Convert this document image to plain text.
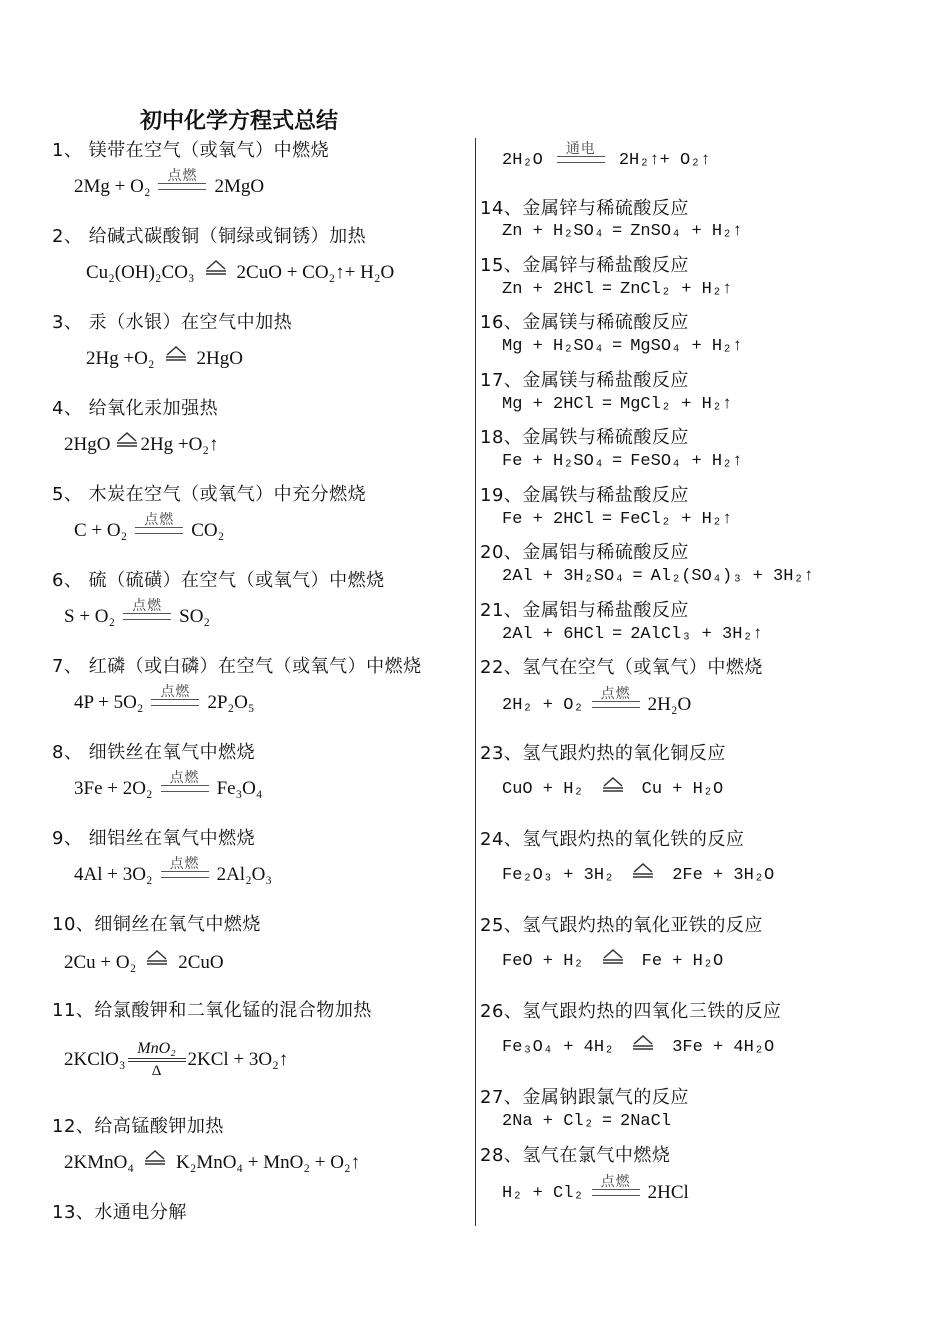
初中化学方程式总结
1、 镁带在空气（或氧气）中燃烧
2Mg + O₂
点燃
2MgO
2、 给碱式碳酸铜（铜绿或铜锈）加热
Cu₂(OH)₂CO₃ 2CuO + CO₂↑+ H₂O
3、 汞（水银）在空气中加热
2Hg +O₂ 2HgO
4、 给氧化汞加强热
2HgO 2Hg +O₂↑
5、 木炭在空气（或氧气）中充分燃烧
C + O₂
点燃
CO₂
6、 硫（硫磺）在空气（或氧气）中燃烧
S + O₂
点燃
SO₂
7、 红磷（或白磷）在空气（或氧气）中燃烧
4P + 5O₂
点燃
2P₂O₅
8、 细铁丝在氧气中燃烧
3Fe + 2O₂
点燃
Fe₃O₄
9、 细铝丝在氧气中燃烧
4Al + 3O₂
点燃
2Al₂O₃
10、细铜丝在氧气中燃烧
2Cu + O₂ 2CuO
11、给氯酸钾和二氧化锰的混合物加热
2KClO₃ $\frac{\text{MnO₂}}{\Delta} 2KCl$ + 3O₂↑
12、给高锰酸钾加热
2KMnO₄ K₂MnO₄ + MnO₂ + O₂↑
13、水通电分解
2H₂O
通电
2H₂↑+ O₂↑
14、金属锌与稀硫酸反应
Zn + H₂SO₄ = ZnSO₄ + H₂↑
15、金属锌与稀盐酸反应
Zn + 2HCl = ZnCl₂ + H₂↑
16、金属镁与稀硫酸反应
Mg + H₂SO₄ = MgSO₄ + H₂↑
17、金属镁与稀盐酸反应
Mg + 2HCl = MgCl₂ + H₂↑
18、金属铁与稀硫酸反应
Fe + H₂SO₄ = FeSO₄ + H₂↑
19、金属铁与稀盐酸反应
Fe + 2HCl = FeCl₂ + H₂↑
20、金属铝与稀硫酸反应
2Al + 3H₂SO₄ = Al₂(SO₄)₃ + 3H₂↑
21、金属铝与稀盐酸反应
2Al + 6HCl = 2AlCl₃ + 3H₂↑
22、氢气在空气（或氧气）中燃烧
2H₂ + O₂
点燃
2H₂O
23、氢气跟灼热的氧化铜反应
CuO + H₂	Cu + H₂O
24、氢气跟灼热的氧化铁的反应
Fe₂O₃ + 3H₂	2Fe + 3H₂O
25、氢气跟灼热的氧化亚铁的反应
FeO + H₂	Fe + H₂O
26、氢气跟灼热的四氧化三铁的反应
Fe₃O₄ + 4H₂	3Fe + 4H₂O
27、金属钠跟氯气的反应
2Na + Cl₂ = 2NaCl
28、氢气在氯气中燃烧
H₂ + Cl₂
点燃
2HCl
